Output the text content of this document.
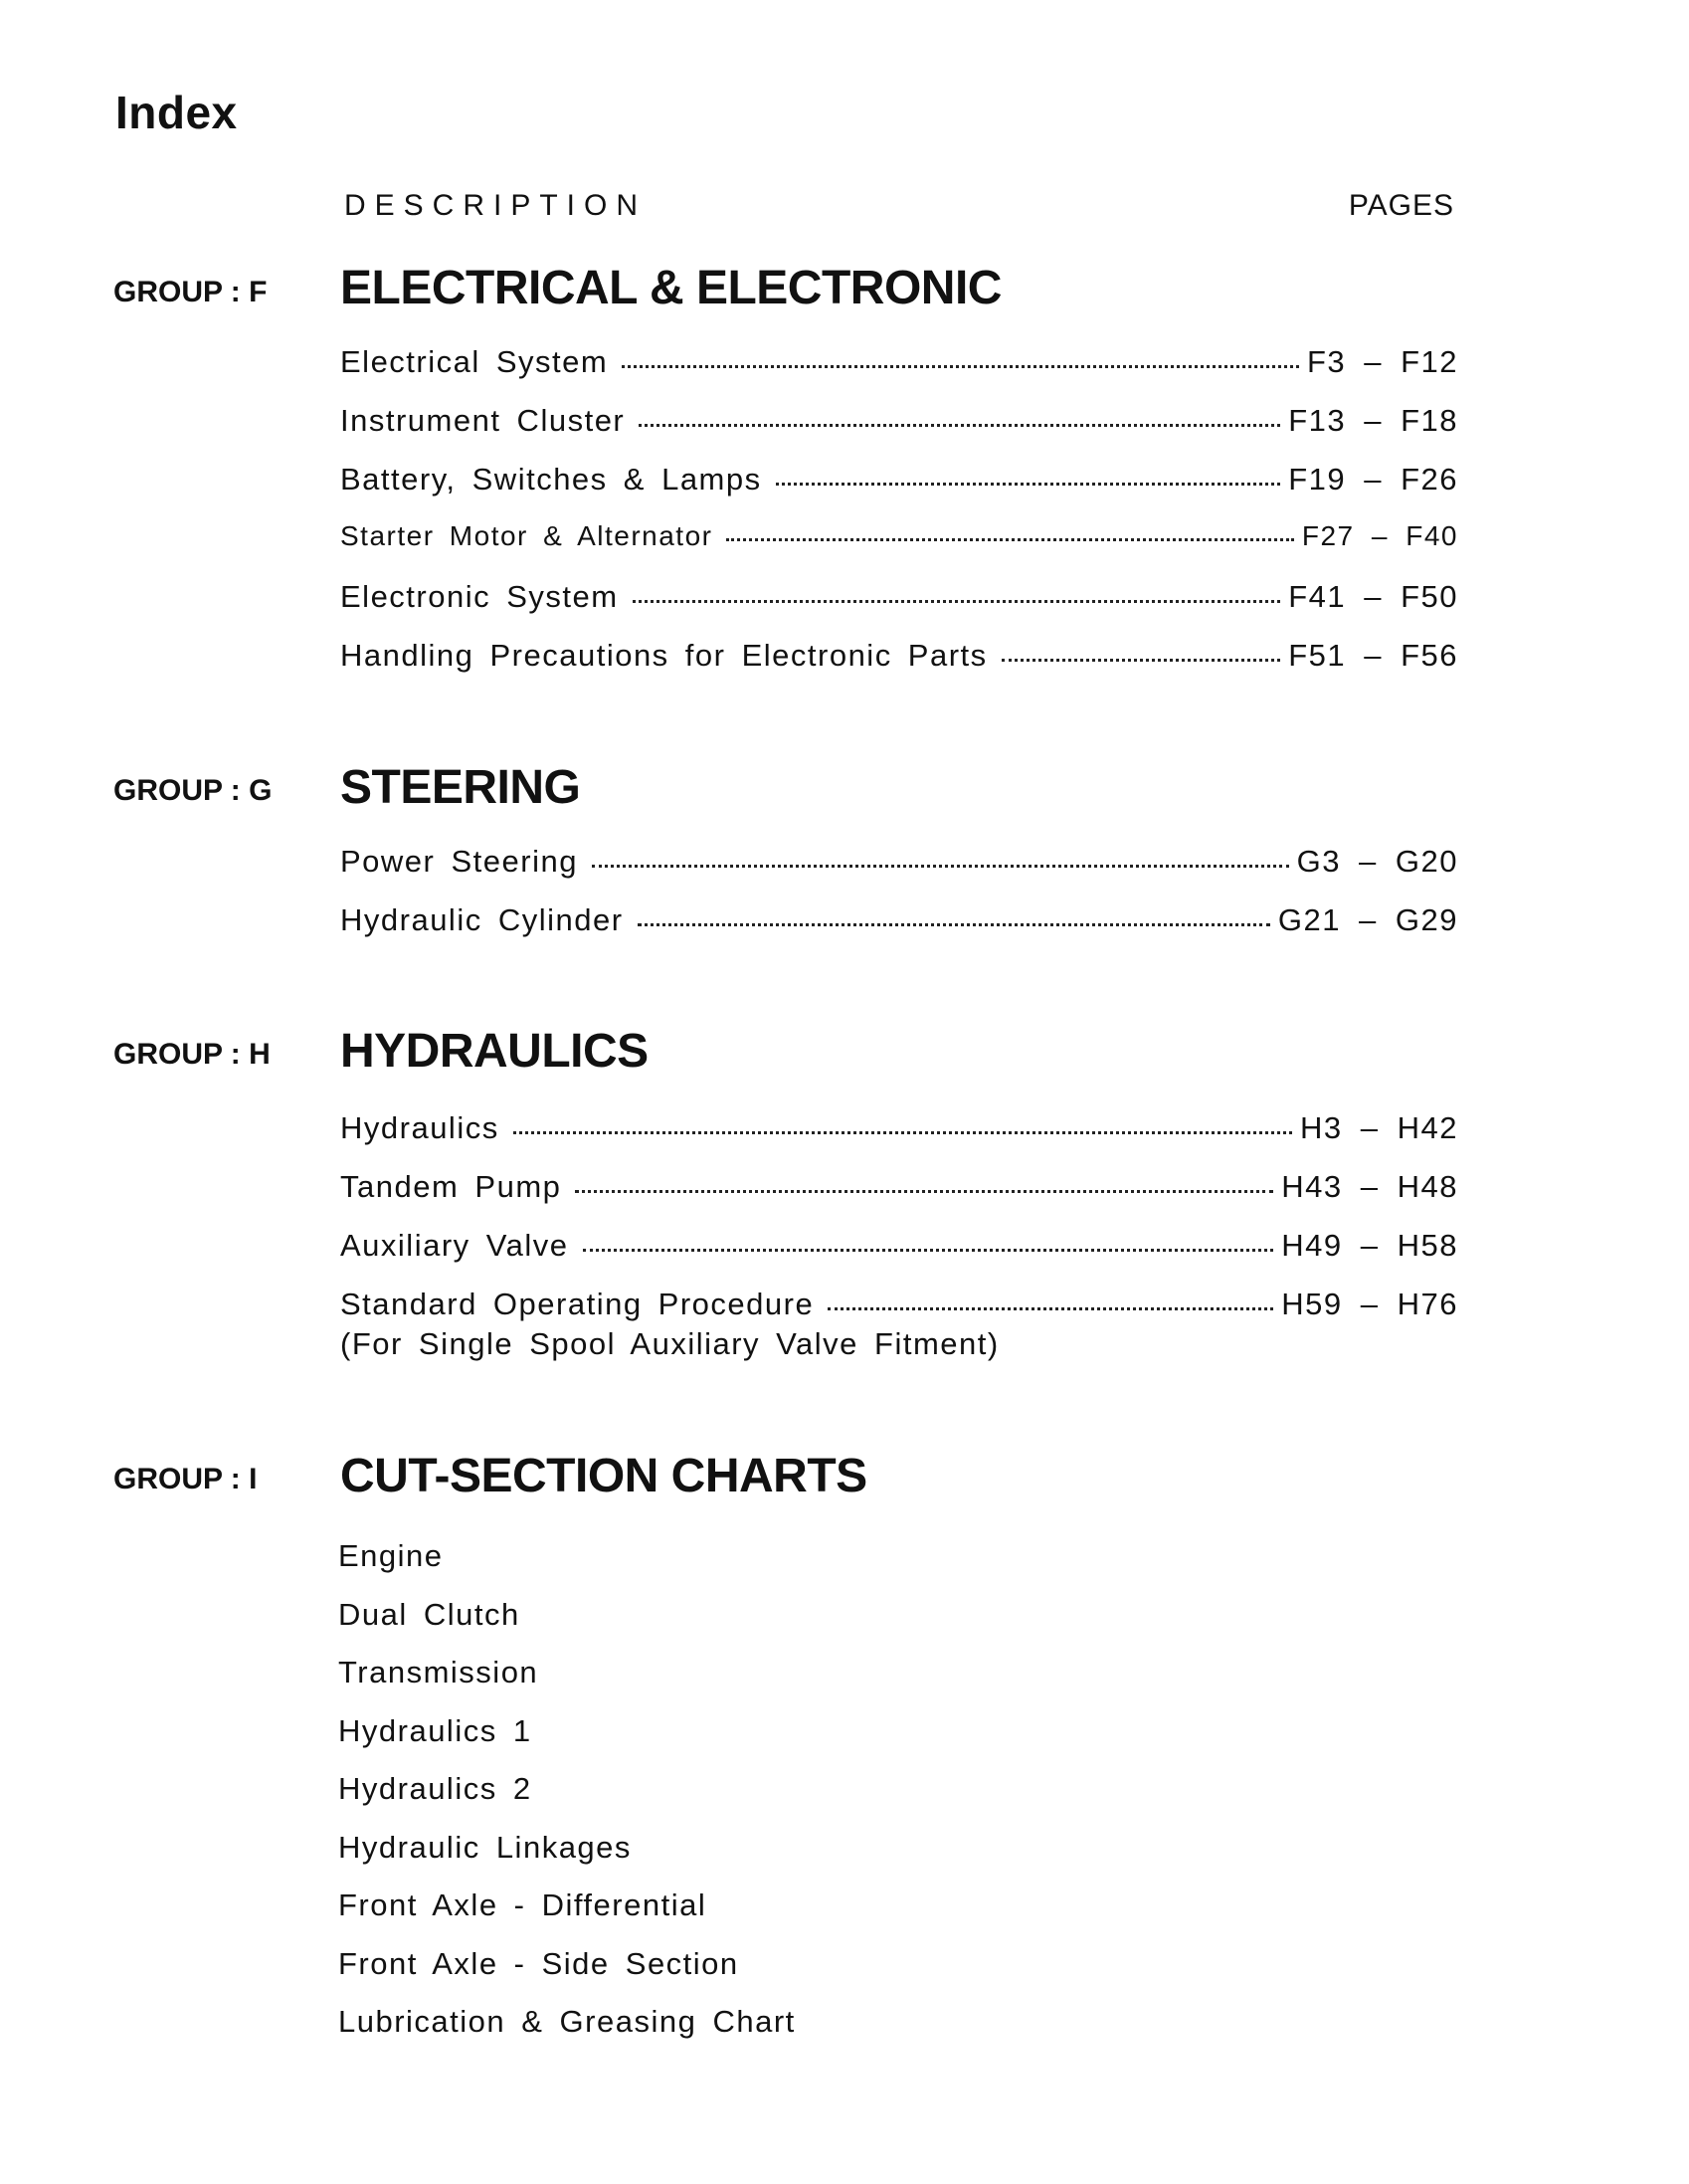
Index
DESCRIPTION	PAGES
GROUP : F ELECTRICAL & ELECTRONIC
Electrical System	F3 – F12
Instrument Cluster	F13 – F18
Battery, Switches & Lamps	F19 – F26
Starter Motor & Alternator	F27 – F40
Electronic System	F41 – F50
Handling Precautions for Electronic Parts	F51 – F56
GROUP : G STEERING
Power Steering	G3 – G20
Hydraulic Cylinder	G21 – G29
GROUP : H HYDRAULICS
Hydraulics	H3 – H42
Tandem Pump	H43 – H48
Auxiliary Valve	H49 – H58
Standard Operating Procedure	H59 – H76
(For Single Spool Auxiliary Valve Fitment)
GROUP : I CUT-SECTION CHARTS
Engine
Dual Clutch
Transmission
Hydraulics 1
Hydraulics 2
Hydraulic Linkages
Front Axle - Differential
Front Axle - Side Section
Lubrication & Greasing Chart
